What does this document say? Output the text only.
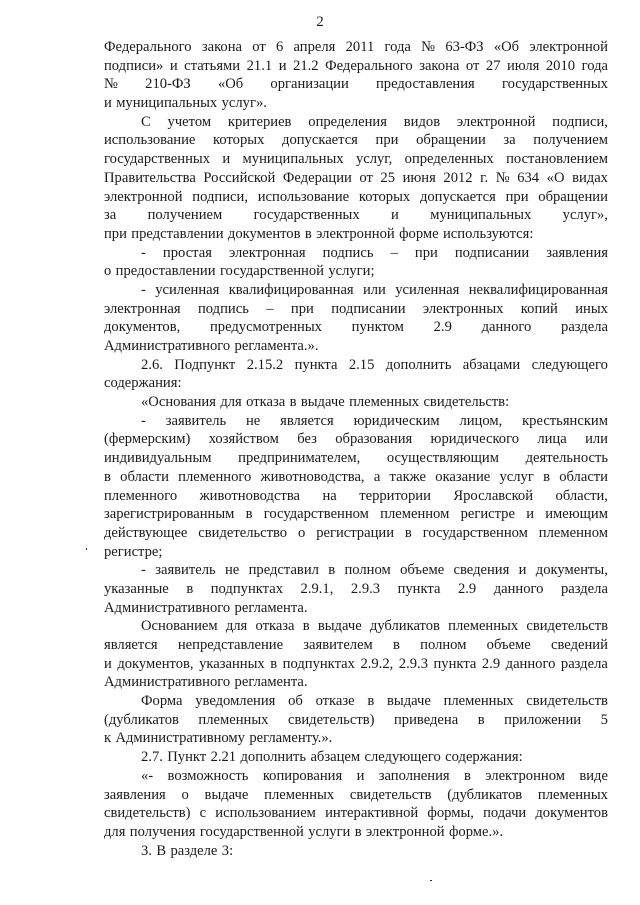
2
Федерального закона от 6 апреля 2011 года № 63-ФЗ «Об электронной
подписи» и статьями 21.1 и 21.2 Федерального закона от 27 июля 2010 года
№ 210-ФЗ «Об организации предоставления государственных
и муниципальных услуг».
С учетом критериев определения видов электронной подписи,
использование которых допускается при обращении за получением
государственных и муниципальных услуг, определенных постановлением
Правительства Российской Федерации от 25 июня 2012 г. № 634 «О видах
электронной подписи, использование которых допускается при обращении
за получением государственных и муниципальных услуг»,
при представлении документов в электронной форме используются:
- простая электронная подпись – при подписании заявления
о предоставлении государственной услуги;
- усиленная квалифицированная или усиленная неквалифицированная
электронная подпись – при подписании электронных копий иных
документов, предусмотренных пунктом 2.9 данного раздела
Административного регламента.».
2.6. Подпункт 2.15.2 пункта 2.15 дополнить абзацами следующего
содержания:
«Основания для отказа в выдаче племенных свидетельств:
- заявитель не является юридическим лицом, крестьянским
(фермерским) хозяйством без образования юридического лица или
индивидуальным предпринимателем, осуществляющим деятельность
в области племенного животноводства, а также оказание услуг в области
племенного животноводства на территории Ярославской области,
зарегистрированным в государственном племенном регистре и имеющим
действующее свидетельство о регистрации в государственном племенном
регистре;
- заявитель не представил в полном объеме сведения и документы,
указанные в подпунктах 2.9.1, 2.9.3 пункта 2.9 данного раздела
Административного регламента.
Основанием для отказа в выдаче дубликатов племенных свидетельств
является непредставление заявителем в полном объеме сведений
и документов, указанных в подпунктах 2.9.2, 2.9.3 пункта 2.9 данного раздела
Административного регламента.
Форма уведомления об отказе в выдаче племенных свидетельств
(дубликатов племенных свидетельств) приведена в приложении 5
к Административному регламенту.».
2.7. Пункт 2.21 дополнить абзацем следующего содержания:
«- возможность копирования и заполнения в электронном виде
заявления о выдаче племенных свидетельств (дубликатов племенных
свидетельств) с использованием интерактивной формы, подачи документов
для получения государственной услуги в электронной форме.».
3. В разделе 3:
